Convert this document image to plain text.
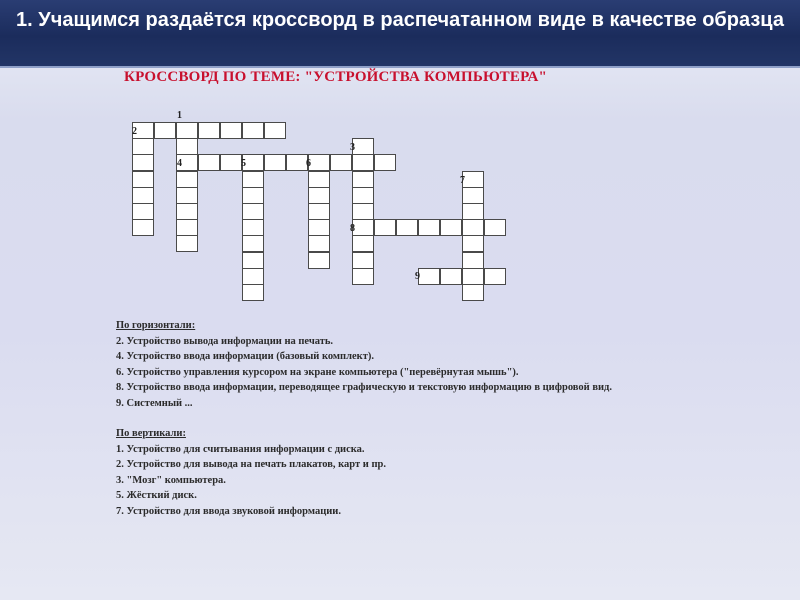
1. Учащимся раздаётся кроссворд в распечатанном виде в качестве образца
КРОССВОРД ПО ТЕМЕ: "УСТРОЙСТВА КОМПЬЮТЕРА"
1
2
3
4	5	6
7
8
9
По горизонтали:
2. Устройство вывода информации на печать.
4. Устройство ввода информации (базовый комплект).
6. Устройство управления курсором на экране компьютера ("перевёрнутая мышь").
8. Устройство ввода информации, переводящее графическую и текстовую информацию в цифровой вид.
9. Системный ...
По вертикали:
1. Устройство для считывания информации с диска.
2. Устройство для вывода на печать плакатов, карт и пр.
3. "Мозг" компьютера.
5. Жёсткий диск.
7. Устройство для ввода звуковой информации.
